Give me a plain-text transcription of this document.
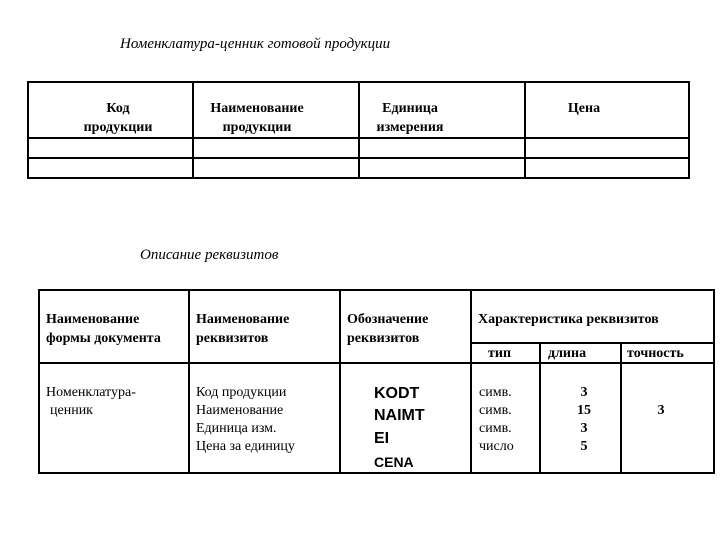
Номенклатура-ценник готовой продукции
Код
продукции
Наименование
продукции
Единица
измерения
Цена
Описание реквизитов
Наименование
формы документа
Наименование
реквизитов
Обозначение
реквизитов
Характеристика реквизитов
тип	длина	точность
Номенклатура-
ценник
Код продукции
Наименование
Единица изм.
Цена за единицу
KODT
NAIMT
EI
CENA
симв.
симв.
симв.
число
3
15
3
5
3
